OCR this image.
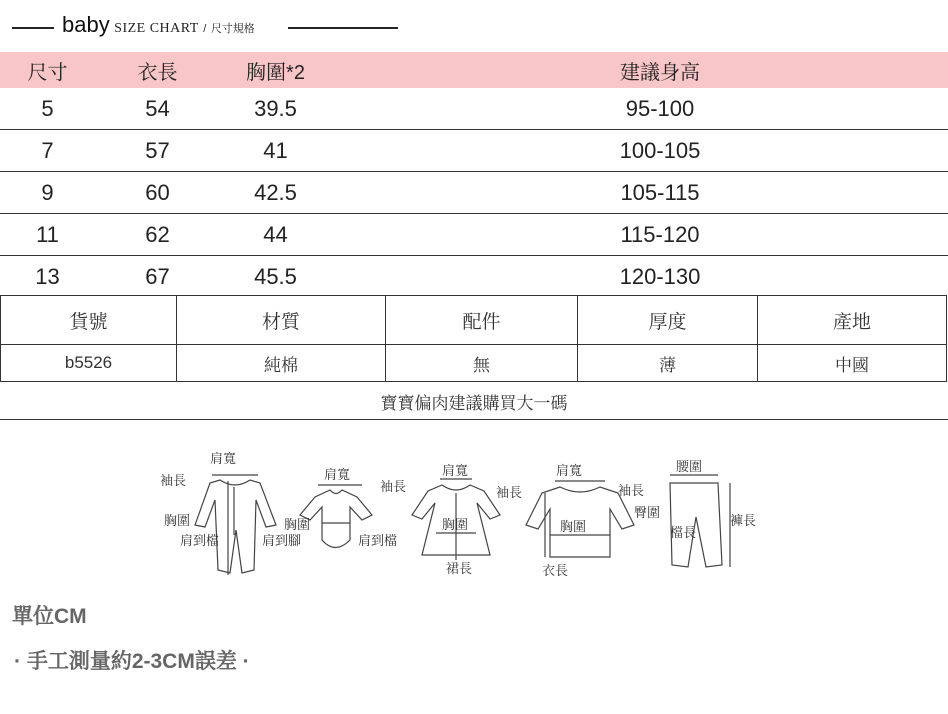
baby SIZE CHART / 尺寸規格
尺寸	衣長	胸圍*2	建議身高
5	54	39.5	95-100
7	57	41	100-105
9	60	42.5	105-115
11	62	44	115-120
13	67	45.5	120-130
貨號	材質	配件	厚度	產地
b5526	純棉	無	薄	中國
寶寶偏肉建議購買大一碼
肩寬
袖長
胸圍
肩到檔	肩到腳
肩寬
袖長
胸圍
肩到檔
肩寬
袖長
胸圍
裙長
肩寬
袖長
胸圍
衣長
腰圍
臀圍
檔長
褲長
單位CM
· 手工測量約2-3CM誤差 ·
